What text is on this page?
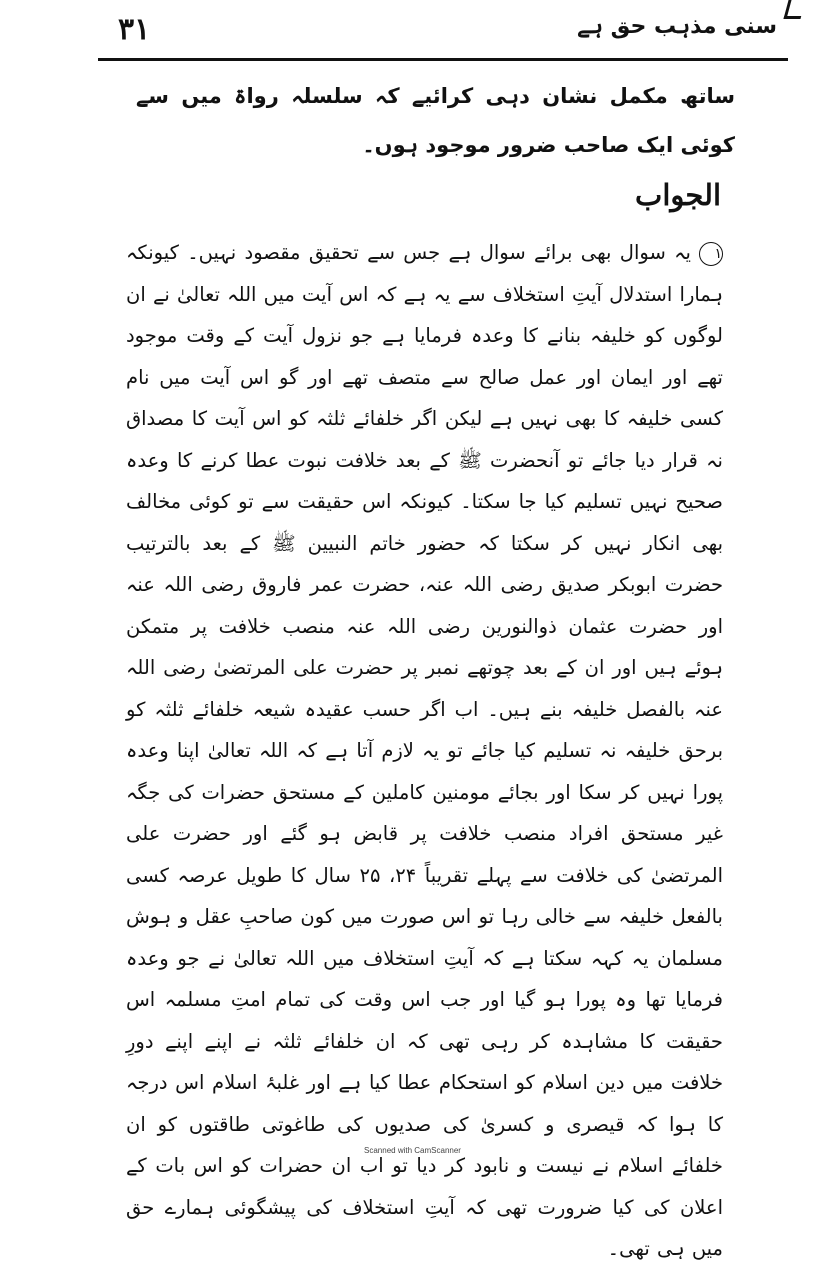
۳۱	سنی مذہب حق ہے
ساتھ مکمل نشان دہی کرائیے کہ سلسلہ رواۃ میں سے کوئی ایک صاحب ضرور موجود ہوں۔
الجواب
۱یہ سوال بھی برائے سوال ہے جس سے تحقیق مقصود نہیں۔ کیونکہ ہمارا استدلال آیتِ استخلاف سے یہ ہے کہ اس آیت میں اللہ تعالیٰ نے ان لوگوں کو خلیفہ بنانے کا وعدہ فرمایا ہے جو نزول آیت کے وقت موجود تھے اور ایمان اور عمل صالح سے متصف تھے اور گو اس آیت میں نام کسی خلیفہ کا بھی نہیں ہے لیکن اگر خلفائے ثلثہ کو اس آیت کا مصداق نہ قرار دیا جائے تو آنحضرت ﷺ کے بعد خلافت نبوت عطا کرنے کا وعدہ صحیح نہیں تسلیم کیا جا سکتا۔ کیونکہ اس حقیقت سے تو کوئی مخالف بھی انکار نہیں کر سکتا کہ حضور خاتم النبیین ﷺ کے بعد بالترتیب حضرت ابوبکر صدیق رضی اللہ عنہ، حضرت عمر فاروق رضی اللہ عنہ اور حضرت عثمان ذوالنورین رضی اللہ عنہ منصب خلافت پر متمکن ہوئے ہیں اور ان کے بعد چوتھے نمبر پر حضرت علی المرتضیٰ رضی اللہ عنہ بالفصل خلیفہ بنے ہیں۔ اب اگر حسب عقیدہ شیعہ خلفائے ثلثہ کو برحق خلیفہ نہ تسلیم کیا جائے تو یہ لازم آتا ہے کہ اللہ تعالیٰ اپنا وعدہ پورا نہیں کر سکا اور بجائے مومنین کاملین کے مستحق حضرات کی جگہ غیر مستحق افراد منصب خلافت پر قابض ہو گئے اور حضرت علی المرتضیٰ کی خلافت سے پہلے تقریباً ۲۴، ۲۵ سال کا طویل عرصہ کسی بالفعل خلیفہ سے خالی رہا تو اس صورت میں کون صاحبِ عقل و ہوش مسلمان یہ کہہ سکتا ہے کہ آیتِ استخلاف میں اللہ تعالیٰ نے جو وعدہ فرمایا تھا وہ پورا ہو گیا اور جب اس وقت کی تمام امتِ مسلمہ اس حقیقت کا مشاہدہ کر رہی تھی کہ ان خلفائے ثلثہ نے اپنے اپنے دورِ خلافت میں دین اسلام کو استحکام عطا کیا ہے اور غلبۂ اسلام اس درجہ کا ہوا کہ قیصری و کسریٰ کی صدیوں کی طاغوتی طاقتوں کو ان خلفائے اسلام نے نیست و نابود کر دیا تو اب ان حضرات کو اس بات کے اعلان کی کیا ضرورت تھی کہ آیتِ استخلاف کی پیشگوئی ہمارے حق میں ہی تھی۔
Scanned with CamScanner
